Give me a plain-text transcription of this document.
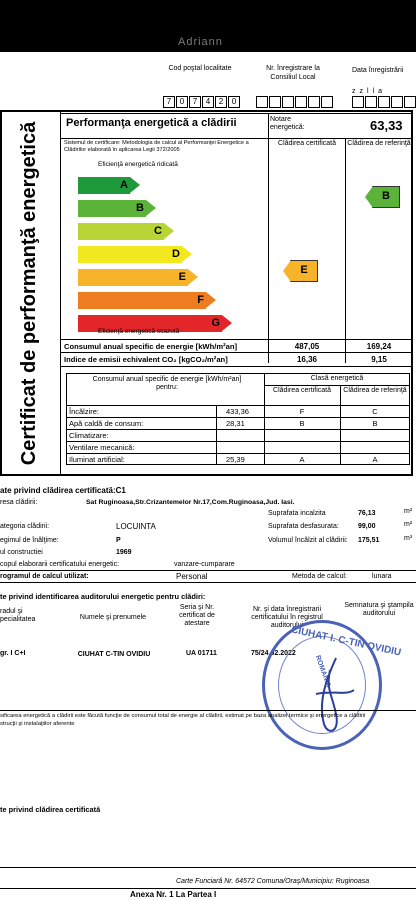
Adriann
Cod poştal localitate	Nr. înregistrare la Consiliul Local
Data înregistrării
7	0	7	4	2	0
zzlla
Certificat de performanţă energetică Performanţa energetică a clădirii	Notare energetică:	63,33
Sistemul de certificare: Metodologia de calcul al Performanţei Energetice a Clădirilor elaborată în aplicarea Legii 372/2005
Clădirea certificată	Clădirea de referinţă
Eficienţă energetică ridicată
A
B
C
D
E
F
G
Eficienţă energetică scazută
E
B
Consumul anual specific de energie [kWh/m²an]	487,05	169,24
Indice de emisii echivalent CO₂ [kgCO₂/m²an]	16,36	9,15
Consumul anual specific de energie [kWh/m²an] pentru:
Clasă energetică
Clădirea certificată	Clădirea de referinţă
Încălzire:	433,36	F	C
Apă caldă de consum:	28,31	B	B
Climatizare:
Ventilare mecanică:
Iluminat artificial:	25,39	A	A
ate privind clădirea certificată:C1
resa clădirii:	Sat Ruginoasa,Str.Crizantemelor Nr.17,Com.Ruginoasa,Jud. Iasi.
Suprafata incalzita	76,13	m²
ategoria clădirii:	LOCUINTA	Suprafata desfasurata:	99,00	m²
egimul de înălţime:	P	Volumul încălzit al clădirii: 175,51	m³
ul constructiei	1969
copul elaborarii certificatului energetic:	vanzare-cumparare
rogramul de calcul utilizat:	Personal	Metoda de calcul:	lunara
te privind identificarea auditorului energetic pentru clădiri:
radul şi pecialitatea	Numele şi prenumele
Seria şi Nr. certificat de atestare
Nr. şi data înregistrarii certificatului în registrul auditorului
Semnatura şi ştampila auditorului
gr. I C+I	CIUHAT C-TIN OVIDIU	UA 01711	75/24.02.2022
CIUHAT I. C-TIN OVIDIU
ROMANIA
sificarea energetică a clădirii este făcută funcţie de consumul total de energie al clădirii, estimat pe baza analizei termice şi energetice a clădirii
strucţii şi instalaţiilor aferente
te privind clădirea certificată
Carte Funciară Nr. 64572 Comuna/Oraş/Municipiu: Ruginoasa
Anexa Nr. 1 La Partea I
